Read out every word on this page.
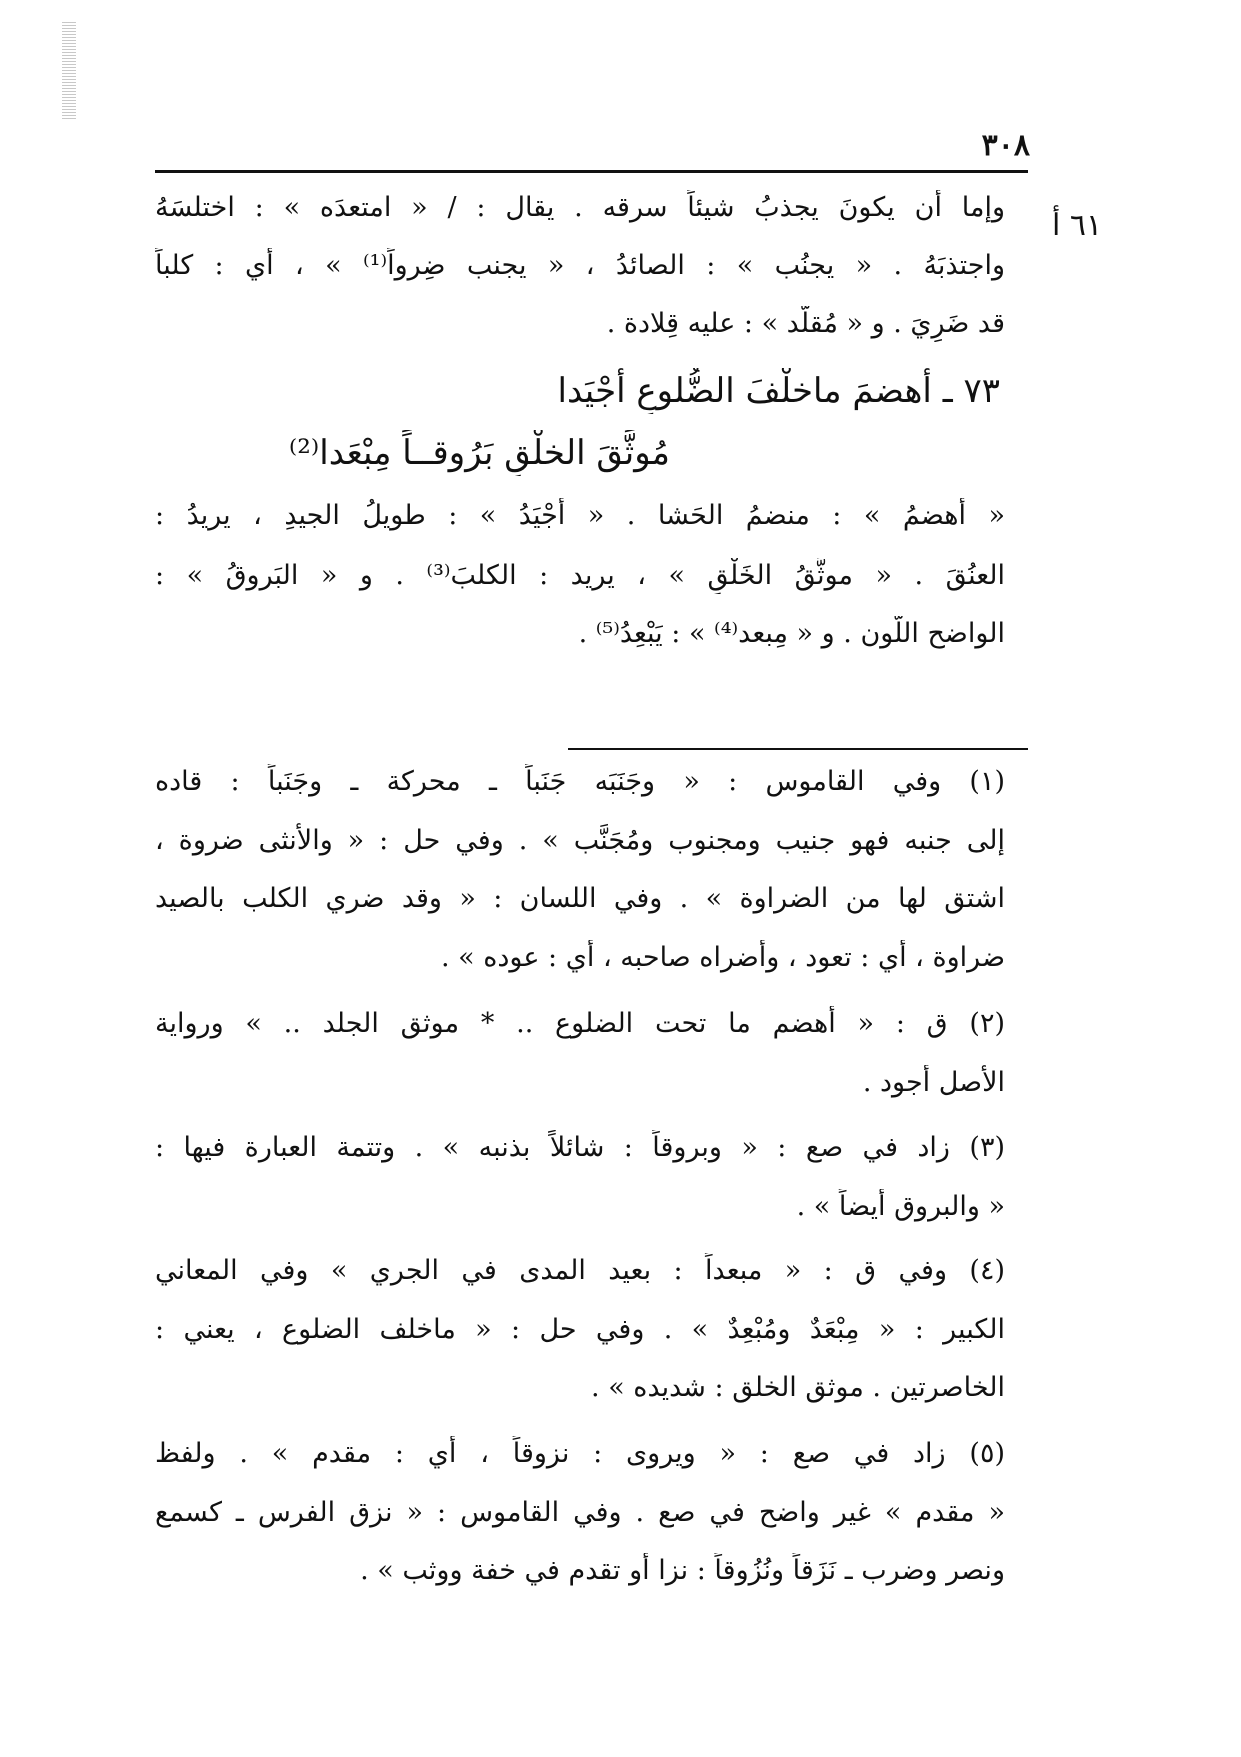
٣٠٨
٦١ أ
وإما أن يكونَ يجذبُ شيئاً سرقه . يقال : / « امتعدَه » : اختلسَهُ
واجتذبَهُ . « يجنُب » : الصائدُ ، « يجنب ضِرواً⁽¹⁾ » ، أي : كلباً
قد ضَرِيَ . و « مُقلَّد » : عليه قِلادة .
٧٣ ـ أهضمَ ماخلْفَ الضُّلوعِ أجْيَدا
مُوثَّقَ الخلْقِ بَرُوقــاً مِبْعَدا⁽²⁾
« أهضمُ » : منضمُ الحَشا . « أجْيَدُ » : طويلُ الجيدِ ، يريدُ :
العنُقَ . « موثَّقُ الخَلْقِ » ، يريد : الكلبَ⁽³⁾ . و « البَروقُ » :
الواضح اللَّون . و « مِبعد⁽⁴⁾ » : يَبْعِدُ⁽⁵⁾ .
(١) وفي القاموس : « وجَنَبَه جَنَباً ـ محركة ـ وجَنَباً : قاده
إلى جنبه فهو جنيب ومجنوب ومُجَنَّب » . وفي حل : « والأنثى ضروة ،
اشتق لها من الضراوة » . وفي اللسان : « وقد ضري الكلب بالصيد
ضراوة ، أي : تعود ، وأضراه صاحبه ، أي : عوده » .
(٢) ق : « أهضم ما تحت الضلوع .. * موثق الجلد .. » ورواية
الأصل أجود .
(٣) زاد في صع : « وبروقاً : شائلاً بذنبه » . وتتمة العبارة فيها :
« والبروق أيضاً » .
(٤) وفي ق : « مبعداً : بعيد المدى في الجري » وفي المعاني
الكبير : « مِبْعَدٌ ومُبْعِدٌ » . وفي حل : « ماخلف الضلوع ، يعني :
الخاصرتين . موثق الخلق : شديده » .
(٥) زاد في صع : « ويروى : نزوقاً ، أي : مقدم » . ولفظ
« مقدم » غير واضح في صع . وفي القاموس : « نزق الفرس ـ كسمع
ونصر وضرب ـ نَزَقاً ونُزُوقاً : نزا أو تقدم في خفة ووثب » .
